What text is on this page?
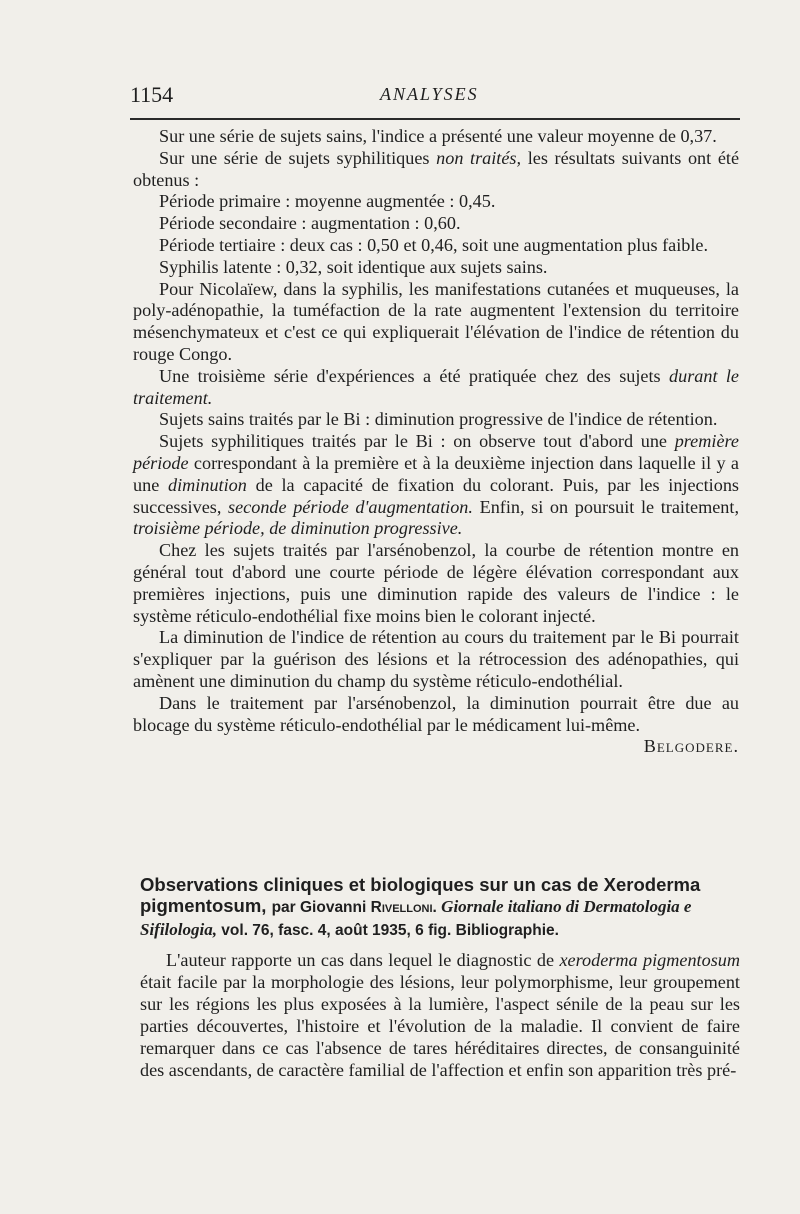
1154	ANALYSES

Sur une série de sujets sains, l'indice a présenté une valeur moyenne de 0,37.

Sur une série de sujets syphilitiques non traités, les résultats suivants ont été obtenus :

Période primaire : moyenne augmentée : 0,45.

Période secondaire : augmentation : 0,60.

Période tertiaire : deux cas : 0,50 et 0,46, soit une augmentation plus faible.

Syphilis latente : 0,32, soit identique aux sujets sains.

Pour Nicolaïew, dans la syphilis, les manifestations cutanées et muqueuses, la poly-adénopathie, la tuméfaction de la rate augmentent l'extension du territoire mésenchymateux et c'est ce qui expliquerait l'élévation de l'indice de rétention du rouge Congo.

Une troisième série d'expériences a été pratiquée chez des sujets durant le traitement.

Sujets sains traités par le Bi : diminution progressive de l'indice de rétention.

Sujets syphilitiques traités par le Bi : on observe tout d'abord une première période correspondant à la première et à la deuxième injection dans laquelle il y a une diminution de la capacité de fixation du colorant. Puis, par les injections successives, seconde période d'augmentation. Enfin, si on poursuit le traitement, troisième période, de diminution progressive.

Chez les sujets traités par l'arsénobenzol, la courbe de rétention montre en général tout d'abord une courte période de légère élévation correspondant aux premières injections, puis une diminution rapide des valeurs de l'indice : le système réticulo-endothélial fixe moins bien le colorant injecté.

La diminution de l'indice de rétention au cours du traitement par le Bi pourrait s'expliquer par la guérison des lésions et la rétrocession des adénopathies, qui amènent une diminution du champ du système réticulo-endothélial.

Dans le traitement par l'arsénobenzol, la diminution pourrait être due au blocage du système réticulo-endothélial par le médicament lui-même.
Belgodere.

Observations cliniques et biologiques sur un cas de Xeroderma pigmentosum, par Giovanni Rivelloni. Giornale italiano di Dermatologia e Sifilologia, vol. 76, fasc. 4, août 1935, 6 fig. Bibliographie.

L'auteur rapporte un cas dans lequel le diagnostic de xeroderma pigmentosum était facile par la morphologie des lésions, leur polymorphisme, leur groupement sur les régions les plus exposées à la lumière, l'aspect sénile de la peau sur les parties découvertes, l'histoire et l'évolution de la maladie. Il convient de faire remarquer dans ce cas l'absence de tares héréditaires directes, de consanguinité des ascendants, de caractère familial de l'affection et enfin son apparition très pré-
